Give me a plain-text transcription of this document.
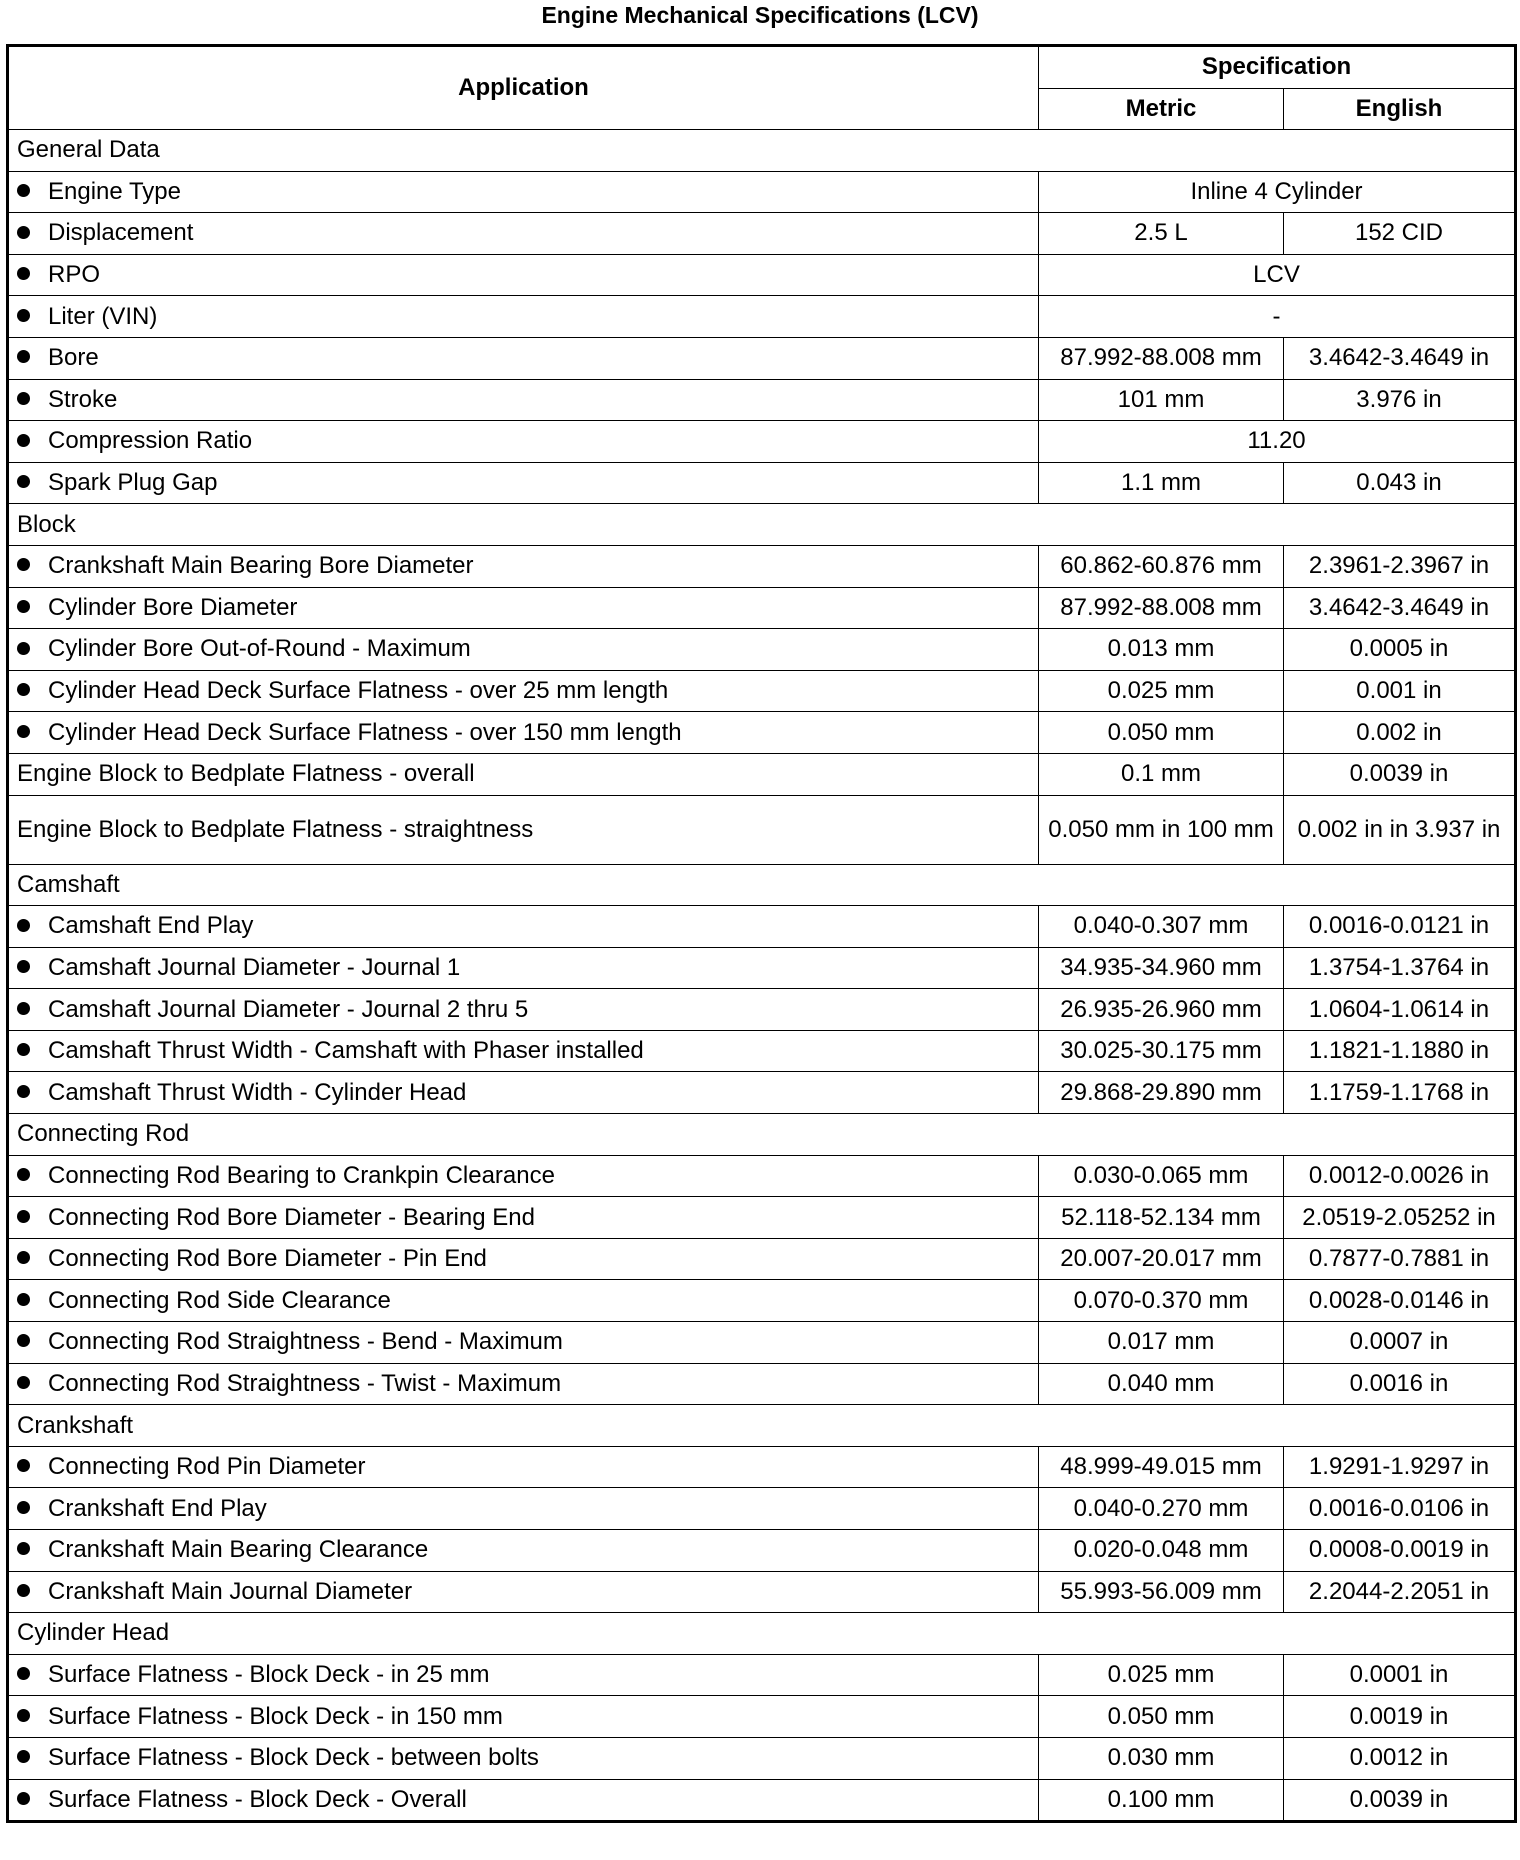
Engine Mechanical Specifications (LCV)
Application	Specification	
	Metric	English
General Data		
Engine Type	Inline 4 Cylinder	
Displacement	2.5 L	152 CID
RPO	LCV	
Liter (VIN)	-	
Bore	87.992-88.008 mm	3.4642-3.4649 in
Stroke	101 mm	3.976 in
Compression Ratio	11.20	
Spark Plug Gap	1.1 mm	0.043 in
Block		
Crankshaft Main Bearing Bore Diameter	60.862-60.876 mm	2.3961-2.3967 in
Cylinder Bore Diameter	87.992-88.008 mm	3.4642-3.4649 in
Cylinder Bore Out-of-Round - Maximum	0.013 mm	0.0005 in
Cylinder Head Deck Surface Flatness - over 25 mm length	0.025 mm	0.001 in
Cylinder Head Deck Surface Flatness - over 150 mm length	0.050 mm	0.002 in
Engine Block to Bedplate Flatness - overall	0.1 mm	0.0039 in
Engine Block to Bedplate Flatness - straightness	0.050 mm in 100 mm	0.002 in in 3.937 in
Camshaft		
Camshaft End Play	0.040-0.307 mm	0.0016-0.0121 in
Camshaft Journal Diameter - Journal 1	34.935-34.960 mm	1.3754-1.3764 in
Camshaft Journal Diameter - Journal 2 thru 5	26.935-26.960 mm	1.0604-1.0614 in
Camshaft Thrust Width - Camshaft with Phaser installed	30.025-30.175 mm	1.1821-1.1880 in
Camshaft Thrust Width - Cylinder Head	29.868-29.890 mm	1.1759-1.1768 in
Connecting Rod		
Connecting Rod Bearing to Crankpin Clearance	0.030-0.065 mm	0.0012-0.0026 in
Connecting Rod Bore Diameter - Bearing End	52.118-52.134 mm	2.0519-2.05252 in
Connecting Rod Bore Diameter - Pin End	20.007-20.017 mm	0.7877-0.7881 in
Connecting Rod Side Clearance	0.070-0.370 mm	0.0028-0.0146 in
Connecting Rod Straightness - Bend - Maximum	0.017 mm	0.0007 in
Connecting Rod Straightness - Twist - Maximum	0.040 mm	0.0016 in
Crankshaft		
Connecting Rod Pin Diameter	48.999-49.015 mm	1.9291-1.9297 in
Crankshaft End Play	0.040-0.270 mm	0.0016-0.0106 in
Crankshaft Main Bearing Clearance	0.020-0.048 mm	0.0008-0.0019 in
Crankshaft Main Journal Diameter	55.993-56.009 mm	2.2044-2.2051 in
Cylinder Head		
Surface Flatness - Block Deck - in 25 mm	0.025 mm	0.0001 in
Surface Flatness - Block Deck - in 150 mm	0.050 mm	0.0019 in
Surface Flatness - Block Deck - between bolts	0.030 mm	0.0012 in
Surface Flatness - Block Deck - Overall	0.100 mm	0.0039 in
